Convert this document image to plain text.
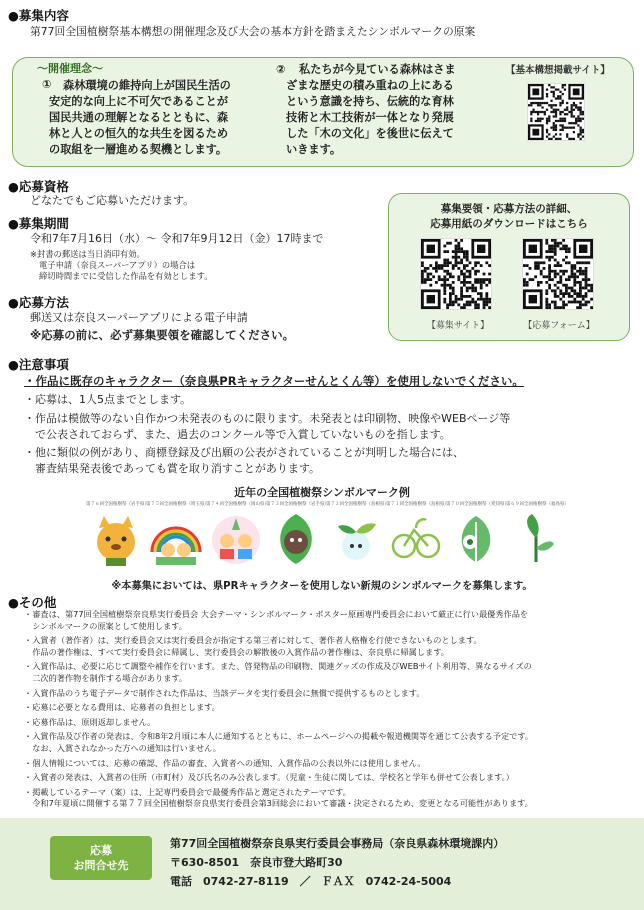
●募集内容
第77回全国植樹祭基本構想の開催理念及び大会の基本方針を踏まえたシンボルマークの原案
～開催理念～
① 森林環境の維持向上が国民生活の
安定的な向上に不可欠であることが
国民共通の理解となるとともに、森
林と人との恒久的な共生を図るため
の取組を一層進める契機とします。
② 私たちが今見ている森林はさま
ざまな歴史の積み重ねの上にある
という意識を持ち、伝統的な育林
技術と木工技術が一体となり発展
した「木の文化」を後世に伝えて
いきます。
【基本構想掲載サイト】
●応募資格
どなたでもご応募いただけます。
●募集期間
令和7年7月16日（水）～ 令和7年9月12日（金）17時まで
※封書の郵送は当日消印有効。
電子申請（奈良スーパーアプリ）の場合は
締切時間までに受信した作品を有効とします。
●応募方法
郵送又は奈良スーパーアプリによる電子申請
※応募の前に、必ず募集要領を確認してください。
募集要領・応募方法の詳細、
応募用紙のダウンロードはこちら
【募集サイト】	【応募フォーム】
●注意事項
・作品に既存のキャラクター（奈良県PRキャラクターせんとくん等）を使用しないでください。
・応募は、1人5点までとします。
・作品は模倣等のない自作かつ未発表のものに限ります。未発表とは印刷物、映像やWEBページ等
　で公表されておらず、また、過去のコンクール等で入賞していないものを指します。
・他に類似の例があり、商標登録及び出願の公表がされていることが判明した場合には、
　審査結果発表後であっても賞を取り消すことがあります。
近年の全国植樹祭シンボルマーク例
第７６回全国植樹祭（岩手県）
第７５回全国植樹祭（埼玉県）
第７４回全国植樹祭（岡山県）
第７３回全国植樹祭（岩手県）
第７２回全国植樹祭（島根県）
第７１回全国植樹祭（島根県）
第７０回全国植樹祭（愛知県）
第６９回全国植樹祭（福島県）
※本募集においては、県PRキャラクターを使用しない新規のシンボルマークを募集します。
●その他
・審査は、第77回全国植樹祭奈良県実行委員会 大会テーマ・シンボルマーク・ポスター原画専門委員会において厳正に行い最優秀作品を
　シンボルマークの原案として使用します。
・入賞者（著作者）は、実行委員会又は実行委員会が指定する第三者に対して、著作者人格権を行使できないものとします。
　作品の著作権は、すべて実行委員会に帰属し、実行委員会の解散後の入賞作品の著作権は、奈良県に帰属します。
・入賞作品は、必要に応じて調整や補作を行います。また、啓発物品の印刷物、関連グッズの作成及びWEBサイト利用等、異なるサイズの
　二次的著作物を制作する場合があります。
・入賞作品のうち電子データで制作された作品は、当該データを実行委員会に無償で提供するものとします。
・応募に必要となる費用は、応募者の負担とします。
・応募作品は、原則返却しません。
・入賞作品及び作者の発表は、令和8年2月頃に本人に通知するとともに、ホームページへの掲載や報道機関等を通じて公表する予定です。
　なお、入賞されなかった方への通知は行いません。
・個人情報については、応募の確認、作品の審査、入賞者への通知、入賞作品の公表以外には使用しません。
・入賞者の発表は、入賞者の住所（市町村）及び氏名のみ公表します。（児童・生徒に関しては、学校名と学年も併せて公表します。）
・掲載しているテーマ（案）は、上記専門委員会で最優秀作品と選定されたテーマです。
　令和7年夏頃に開催する第７７回全国植樹祭奈良県実行委員会第3回総会において審議・決定されるため、変更となる可能性があります。
応募
お問合せ先
第77回全国植樹祭奈良県実行委員会事務局（奈良県森林環境課内）
〒630-8501　奈良市登大路町30
電話　0742-27-8119　／　ＦＡＸ　0742-24-5004
